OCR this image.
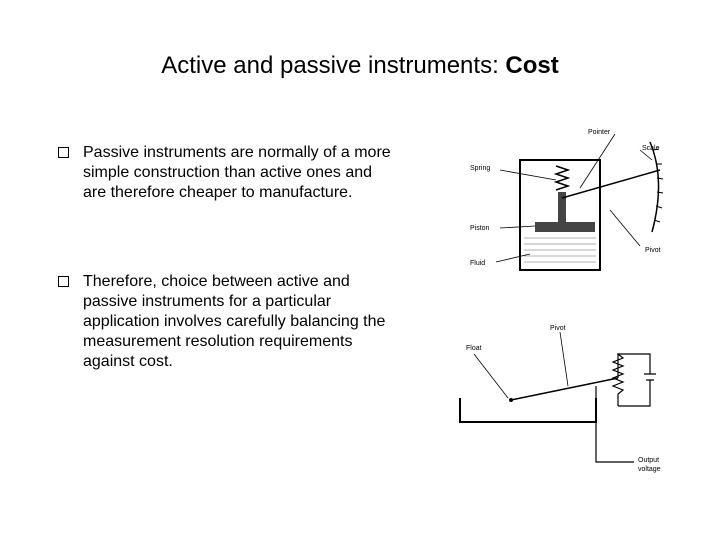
Active and passive instruments: Cost
Passive instruments are normally of a more simple construction than active ones and are therefore cheaper to manufacture.
Therefore, choice between active and passive instruments for a particular application involves carefully balancing the measurement resolution requirements against cost.
Pointer
Scale
Spring
Piston
Pivot
Fluid
Pivot
Float
Output
voltage
